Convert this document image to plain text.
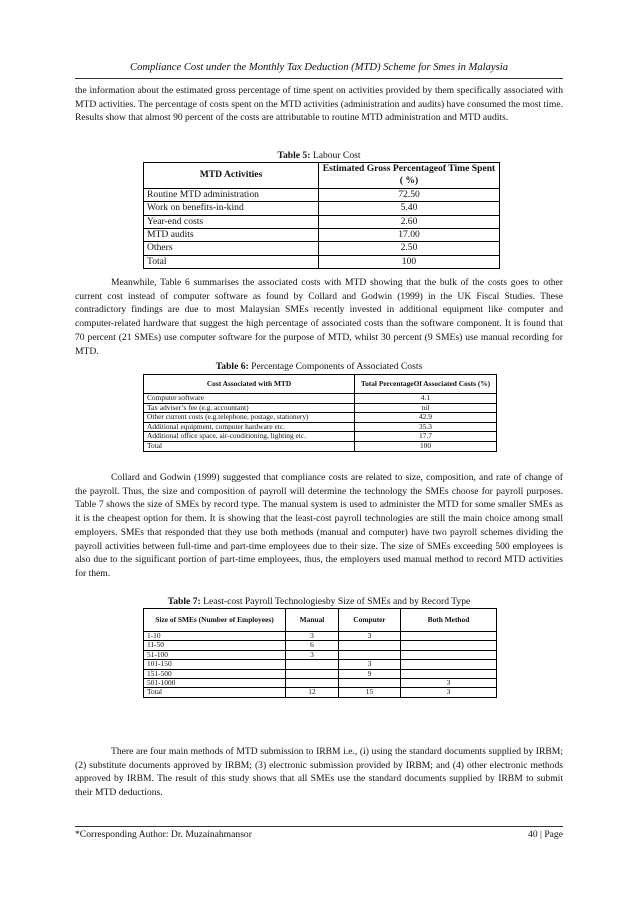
Compliance Cost under the Monthly Tax Deduction (MTD) Scheme for Smes in Malaysia

the information about the estimated gross percentage of time spent on activities provided by them specifically associated with MTD activities. The percentage of costs spent on the MTD activities (administration and audits) have consumed the most time. Results show that almost 90 percent of the costs are attributable to routine MTD administration and MTD audits.

Table 5: Labour Cost
MTD Activities	Estimated Gross Percentageof Time Spent ( %)
Routine MTD administration	72.50
Work on benefits-in-kind	5.40
Year-end costs	2.60
MTD audits	17.00
Others	2.50
Total	100

Meanwhile, Table 6 summarises the associated costs with MTD showing that the bulk of the costs goes to other current cost instead of computer software as found by Collard and Godwin (1999) in the UK Fiscal Studies. These contradictory findings are due to most Malaysian SMEs recently invested in additional equipment like computer and computer-related hardware that suggest the high percentage of associated costs than the software component. It is found that 70 percent (21 SMEs) use computer software for the purpose of MTD, whilst 30 percent (9 SMEs) use manual recording for MTD.

Table 6: Percentage Components of Associated Costs
Cost Associated with MTD	Total PercentageOf Associated Costs (%)
Computer software	4.1
Tax adviser’s fee (e.g. accountant)	nil
Other current costs (e.g.telephone, postage, stationery)	42.9
Additional equipment, computer hardware etc.	35.3
Additional office space, air-conditioning, lighting etc.	17.7
Total	100

Collard and Godwin (1999) suggested that compliance costs are related to size, composition, and rate of change of the payroll. Thus, the size and composition of payroll will determine the technology the SMEs choose for payroll purposes. Table 7 shows the size of SMEs by record type. The manual system is used to administer the MTD for some smaller SMEs as it is the cheapest option for them. It is showing that the least-cost payroll technologies are still the main choice among small employers. SMEs that responded that they use both methods (manual and computer) have two payroll schemes dividing the payroll activities between full-time and part-time employees due to their size. The size of SMEs exceeding 500 employees is also due to the significant portion of part-time employees, thus, the employers used manual method to record MTD activities for them.

Table 7: Least-cost Payroll Technologiesby Size of SMEs and by Record Type
Size of SMEs (Number of Employees)	Manual	Computer	Both Method
1-10	3	3	
11-50	6		
51-100	3		
101-150		3	
151-500		9	
501-1000			3
Total	12	15	3

There are four main methods of MTD submission to IRBM i.e., (i) using the standard documents supplied by IRBM; (2) substitute documents approved by IRBM; (3) electronic submission provided by IRBM; and (4) other electronic methods approved by IRBM. The result of this study shows that all SMEs use the standard documents supplied by IRBM to submit their MTD deductions.

*Corresponding Author: Dr. Muzainahmansor	40 | Page
